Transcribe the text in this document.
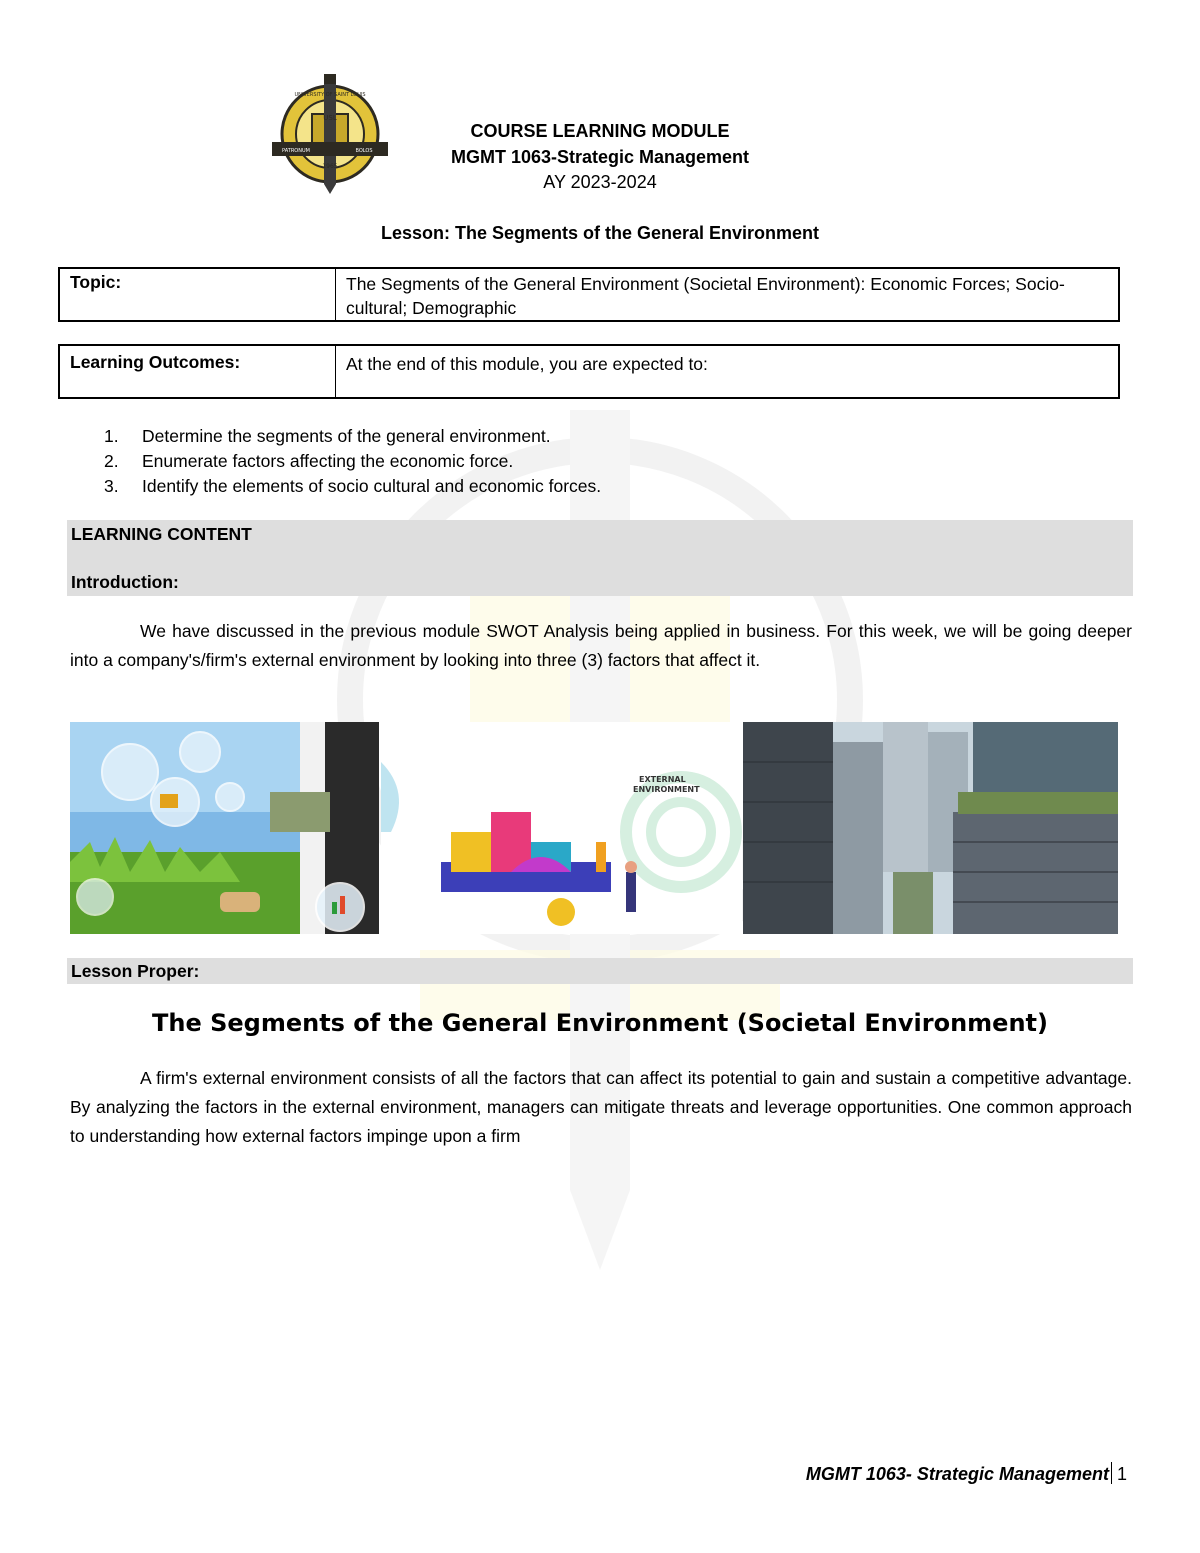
USL
PATRONUM	BOLOS
1965
UNIVERSITY OF SAINT LOUIS
COURSE LEARNING MODULE
MGMT 1063-Strategic Management
AY 2023-2024
Lesson: The Segments of the General Environment
Topic:	The Segments of the General Environment (Societal Environment): Economic Forces; Socio-cultural; Demographic
Learning Outcomes:	At the end of this module, you are expected to:
1.	Determine the segments of the general environment.
2.	Enumerate factors affecting the economic force.
3.	Identify the elements of socio cultural and economic forces.
LEARNING CONTENT
Introduction:
We have discussed in the previous module SWOT Analysis being applied in business. For this week, we will be going deeper into a company's/firm's external environment by looking into three (3) factors that affect it.
EXTERNAL
ENVIRONMENT
Lesson Proper:
The Segments of the General Environment (Societal Environment)
A firm's external environment consists of all the factors that can affect its potential to gain and sustain a competitive advantage. By analyzing the factors in the external environment, managers can mitigate threats and leverage opportunities. One common approach to understanding how external factors impinge upon a firm
MGMT 1063- Strategic Management 1
